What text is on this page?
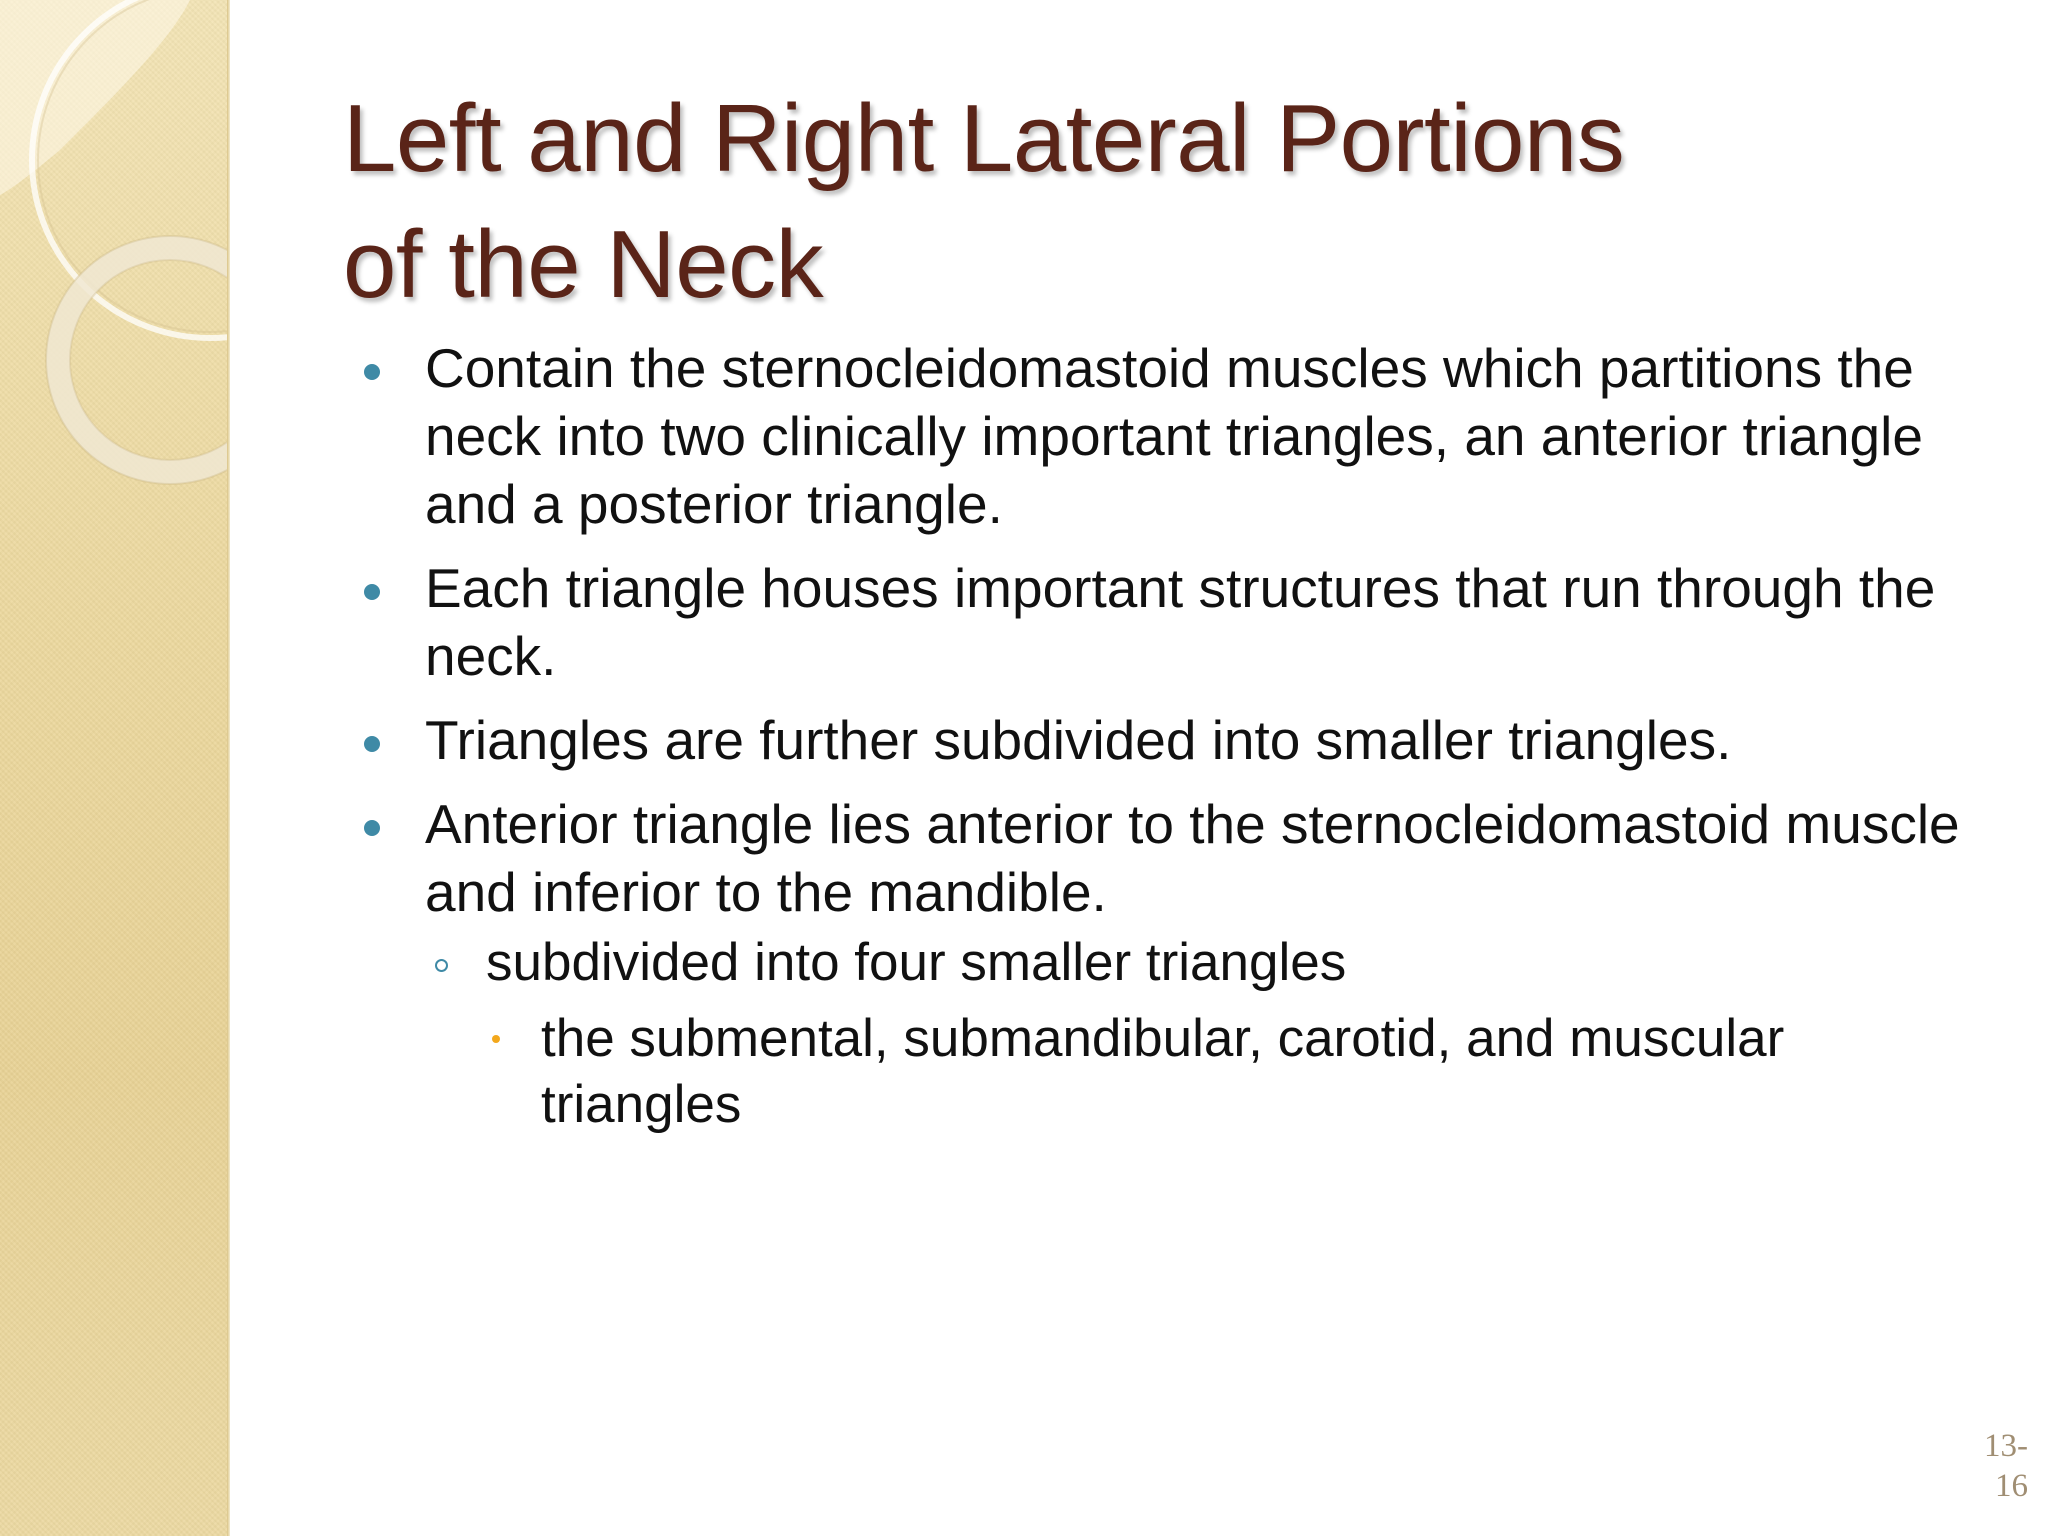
Left and Right Lateral Portions
of the Neck
Contain the sternocleidomastoid muscles which partitions the neck into two clinically important triangles, an anterior triangle and a posterior triangle.
Each triangle houses important structures that run through the neck.
Triangles are further subdivided into smaller triangles.
Anterior triangle lies anterior to the sternocleidomastoid muscle and inferior to the mandible.
subdivided into four smaller triangles
the submental, submandibular, carotid, and muscular triangles
13-
16
